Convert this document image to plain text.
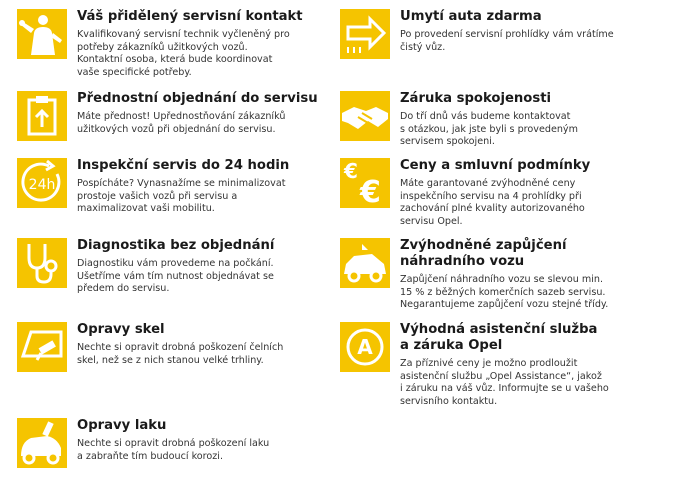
Váš přidělený servisní kontakt
Kvalifikovaný servisní technik vyčleněný pro
potřeby zákazníků užitkových vozů.
Kontaktní osoba, která bude koordinovat
vaše specifické potřeby.
Přednostní objednání do servisu
Máte přednost! Upřednostňování zákazníků
užitkových vozů při objednání do servisu.
24h
Inspekční servis do 24 hodin
Pospícháte? Vynasnažíme se minimalizovat
prostoje vašich vozů při servisu a
maximalizovat vaši mobilitu.
Diagnostika bez objednání
Diagnostiku vám provedeme na počkání.
Ušetříme vám tím nutnost objednávat se
předem do servisu.
Opravy skel
Nechte si opravit drobná poškození čelních
skel, než se z nich stanou velké trhliny.
Opravy laku
Nechte si opravit drobná poškození laku
a zabraňte tím budoucí korozi.
Umytí auta zdarma
Po provedení servisní prohlídky vám vrátíme
čistý vůz.
Záruka spokojenosti
Do tří dnů vás budeme kontaktovat
s otázkou, jak jste byli s provedeným
servisem spokojeni.
€
€
Ceny a smluvní podmínky
Máte garantované zvýhodněné ceny
inspekčního servisu na 4 prohlídky při
zachování plné kvality autorizovaného
servisu Opel.
Zvýhodněné zapůjčení
náhradního vozu
Zapůjčení náhradního vozu se slevou min.
15 % z běžných komerčních sazeb servisu.
Negarantujeme zapůjčení vozu stejné třídy.
A
Výhodná asistenční služba
a záruka Opel
Za příznivé ceny je možno prodloužit
asistenční službu „Opel Assistance“, jakož
i záruku na váš vůz. Informujte se u vašeho
servisního kontaktu.
